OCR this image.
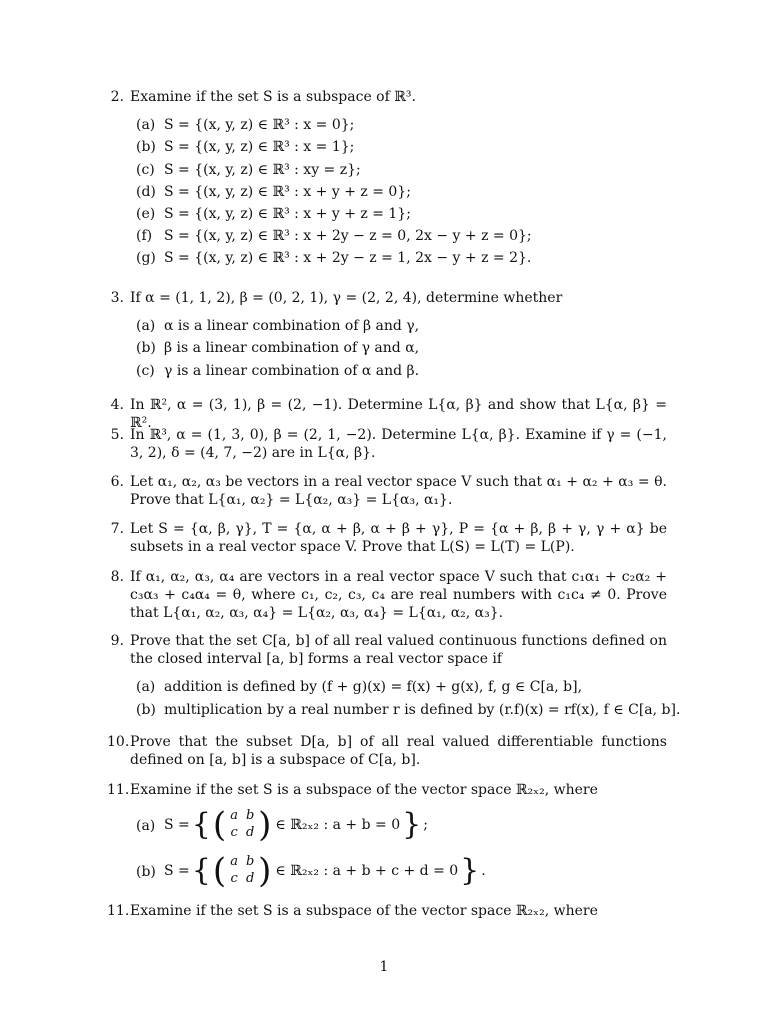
2. Examine if the set S is a subspace of ℝ³.
(a) S = {(x, y, z) ∈ ℝ³ : x = 0};
(b) S = {(x, y, z) ∈ ℝ³ : x = 1};
(c) S = {(x, y, z) ∈ ℝ³ : xy = z};
(d) S = {(x, y, z) ∈ ℝ³ : x + y + z = 0};
(e) S = {(x, y, z) ∈ ℝ³ : x + y + z = 1};
(f) S = {(x, y, z) ∈ ℝ³ : x + 2y − z = 0, 2x − y + z = 0};
(g) S = {(x, y, z) ∈ ℝ³ : x + 2y − z = 1, 2x − y + z = 2}.
3. If α = (1, 1, 2), β = (0, 2, 1), γ = (2, 2, 4), determine whether
(a) α is a linear combination of β and γ,
(b) β is a linear combination of γ and α,
(c) γ is a linear combination of α and β.
4. In ℝ², α = (3, 1), β = (2, −1). Determine L{α, β} and show that L{α, β} = ℝ².
5. In ℝ³, α = (1, 3, 0), β = (2, 1, −2). Determine L{α, β}. Examine if γ = (−1, 3, 2), δ = (4, 7, −2) are in L{α, β}.
6. Let α₁, α₂, α₃ be vectors in a real vector space V such that α₁ + α₂ + α₃ = θ. Prove that L{α₁, α₂} = L{α₂, α₃} = L{α₃, α₁}.
7. Let S = {α, β, γ}, T = {α, α + β, α + β + γ}, P = {α + β, β + γ, γ + α} be subsets in a real vector space V. Prove that L(S) = L(T) = L(P).
8. If α₁, α₂, α₃, α₄ are vectors in a real vector space V such that c₁α₁ + c₂α₂ + c₃α₃ + c₄α₄ = θ, where c₁, c₂, c₃, c₄ are real numbers with c₁c₄ ≠ 0. Prove that L{α₁, α₂, α₃, α₄} = L{α₂, α₃, α₄} = L{α₁, α₂, α₃}.
9. Prove that the set C[a, b] of all real valued continuous functions defined on the closed interval [a, b] forms a real vector space if
(a) addition is defined by (f + g)(x) = f(x) + g(x), f, g ∈ C[a, b],
(b) multiplication by a real number r is defined by (r.f)(x) = rf(x), f ∈ C[a, b].
10. Prove that the subset D[a, b] of all real valued differentiable functions defined on [a, b] is a subspace of C[a, b].
11. Examine if the set S is a subspace of the vector space ℝ₂ₓ₂, where
(a) S = { ( a b
c d ) ∈ ℝ₂ₓ₂ : a + b = 0 } ;
(b) S = { ( a b
c d ) ∈ ℝ₂ₓ₂ : a + b + c + d = 0 } .
11. Examine if the set S is a subspace of the vector space ℝ₂ₓ₂, where
1
